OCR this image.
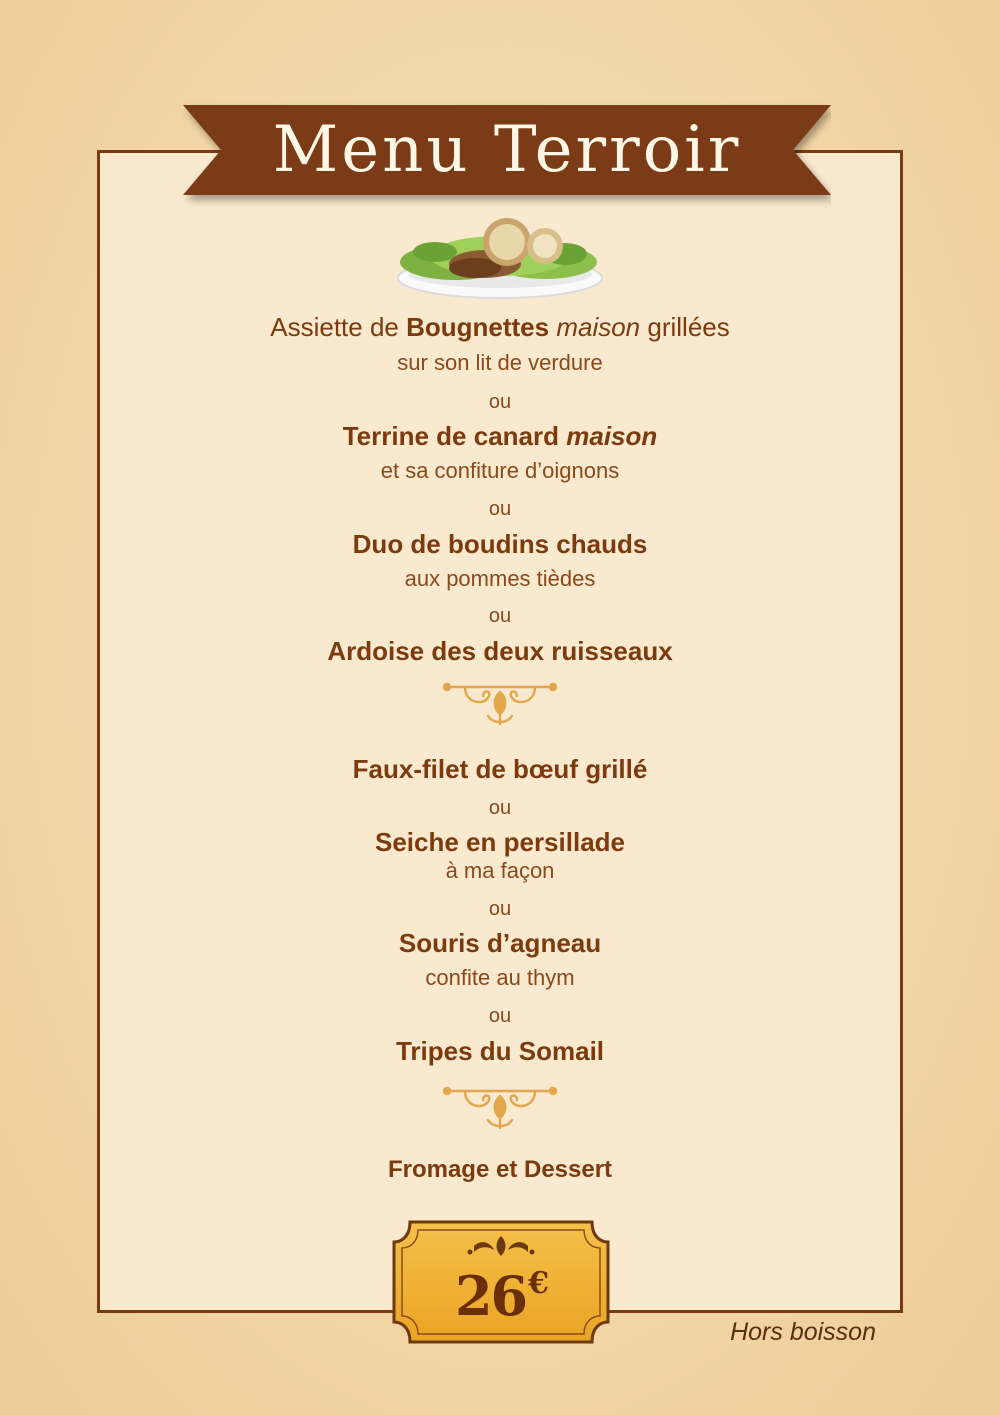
Menu Terroir
Assiette de Bougnettes maison grillées
sur son lit de verdure
ou
Terrine de canard maison
et sa confiture d’oignons
ou
Duo de boudins chauds
aux pommes tièdes
ou
Ardoise des deux ruisseaux
Faux-filet de bœuf grillé
ou
Seiche en persillade
à ma façon
ou
Souris d’agneau
confite au thym
ou
Tripes du Somail
Fromage et Dessert
26€
Hors boisson
